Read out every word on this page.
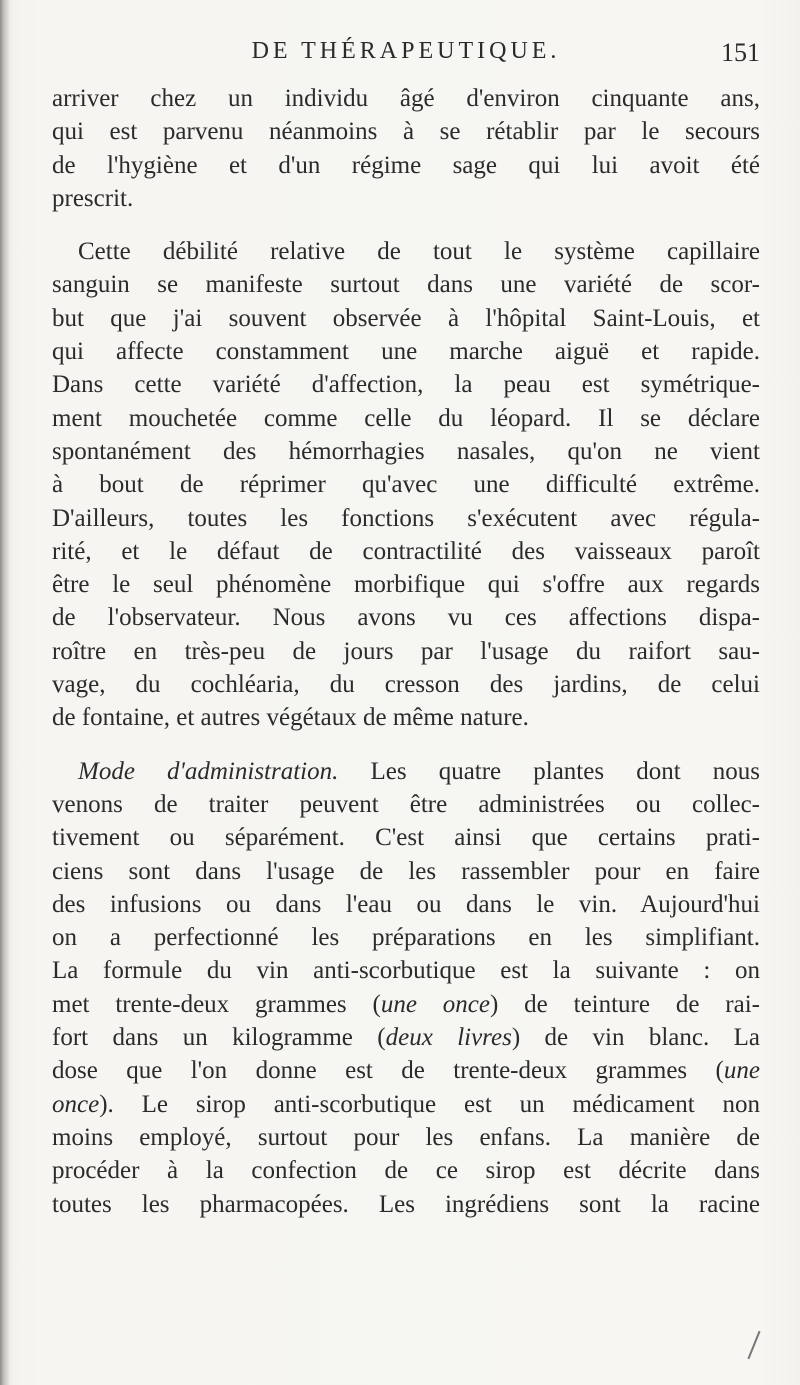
DE THÉRAPEUTIQUE.	151

arriver chez un individu âgé d'environ cinquante ans,
qui est parvenu néanmoins à se rétablir par le secours
de l'hygiène et d'un régime sage qui lui avoit été
prescrit.

Cette débilité relative de tout le système capillaire
sanguin se manifeste surtout dans une variété de scor-
but que j'ai souvent observée à l'hôpital Saint-Louis, et
qui affecte constamment une marche aiguë et rapide.
Dans cette variété d'affection, la peau est symétrique-
ment mouchetée comme celle du léopard. Il se déclare
spontanément des hémorrhagies nasales, qu'on ne vient
à bout de réprimer qu'avec une difficulté extrême.
D'ailleurs, toutes les fonctions s'exécutent avec régula-
rité, et le défaut de contractilité des vaisseaux paroît
être le seul phénomène morbifique qui s'offre aux regards
de l'observateur. Nous avons vu ces affections dispa-
roître en très-peu de jours par l'usage du raifort sau-
vage, du cochléaria, du cresson des jardins, de celui
de fontaine, et autres végétaux de même nature.

Mode d'administration. Les quatre plantes dont nous
venons de traiter peuvent être administrées ou collec-
tivement ou séparément. C'est ainsi que certains prati-
ciens sont dans l'usage de les rassembler pour en faire
des infusions ou dans l'eau ou dans le vin. Aujourd'hui
on a perfectionné les préparations en les simplifiant.
La formule du vin anti-scorbutique est la suivante : on
met trente-deux grammes (une once) de teinture de rai-
fort dans un kilogramme (deux livres) de vin blanc. La
dose que l'on donne est de trente-deux grammes (une
once). Le sirop anti-scorbutique est un médicament non
moins employé, surtout pour les enfans. La manière de
procéder à la confection de ce sirop est décrite dans
toutes les pharmacopées. Les ingrédiens sont la racine
